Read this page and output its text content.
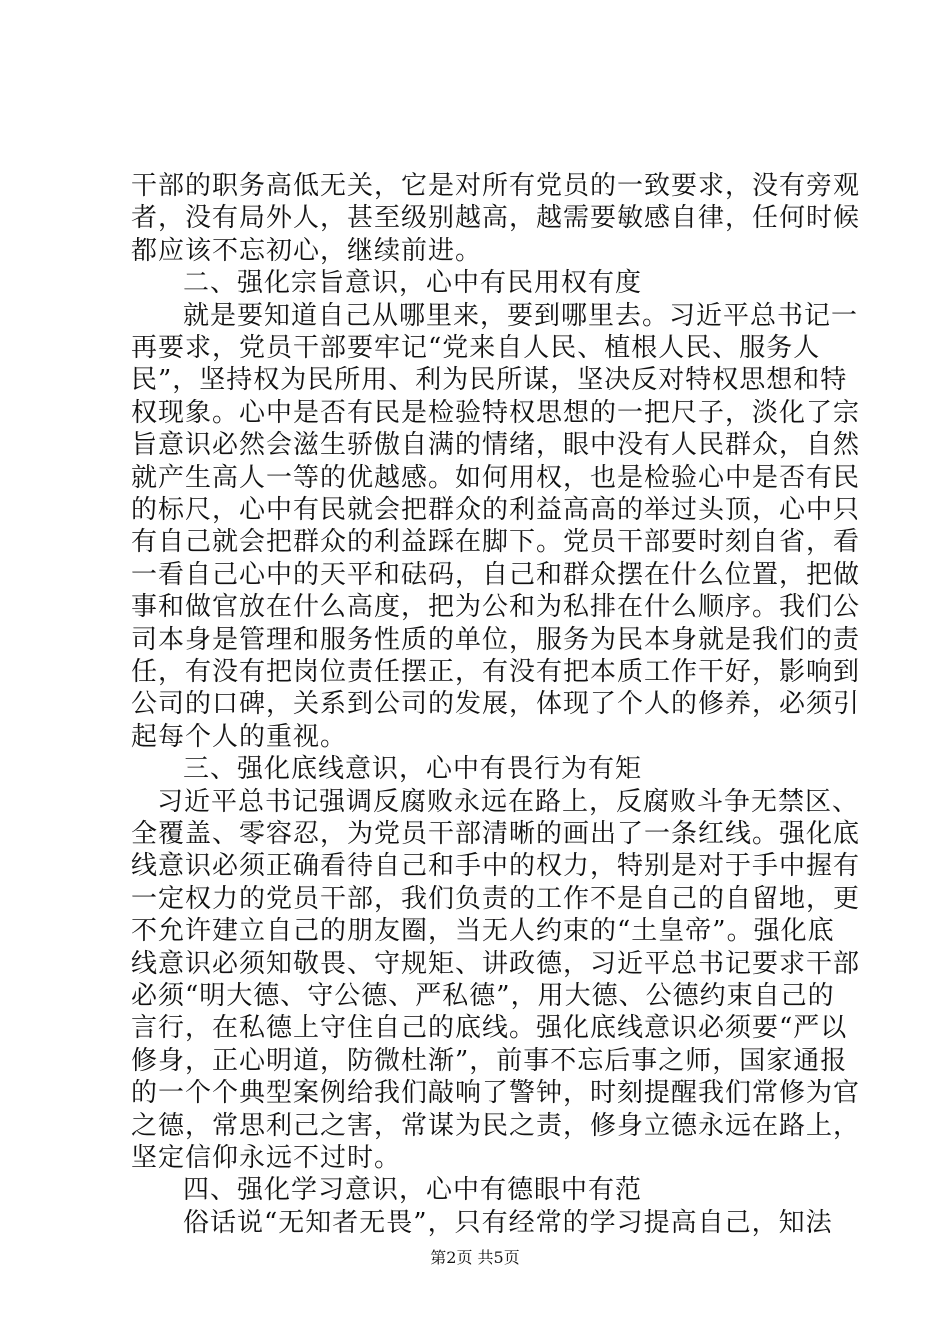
干部的职务高低无关，它是对所有党员的一致要求，没有旁观

者，没有局外人，甚至级别越高，越需要敏感自律，任何时候

都应该不忘初心，继续前进。

二、强化宗旨意识，心中有民用权有度

就是要知道自己从哪里来，要到哪里去。习近平总书记一

再要求，党员干部要牢记“党来自人民、植根人民、服务人

民”，坚持权为民所用、利为民所谋，坚决反对特权思想和特

权现象。心中是否有民是检验特权思想的一把尺子，淡化了宗

旨意识必然会滋生骄傲自满的情绪，眼中没有人民群众，自然

就产生高人一等的优越感。如何用权，也是检验心中是否有民

的标尺，心中有民就会把群众的利益高高的举过头顶，心中只

有自己就会把群众的利益踩在脚下。党员干部要时刻自省，看

一看自己心中的天平和砝码，自己和群众摆在什么位置，把做

事和做官放在什么高度，把为公和为私排在什么顺序。我们公

司本身是管理和服务性质的单位，服务为民本身就是我们的责

任，有没有把岗位责任摆正，有没有把本质工作干好，影响到

公司的口碑，关系到公司的发展，体现了个人的修养，必须引

起每个人的重视。

三、强化底线意识，心中有畏行为有矩

习近平总书记强调反腐败永远在路上，反腐败斗争无禁区、

全覆盖、零容忍，为党员干部清晰的画出了一条红线。强化底

线意识必须正确看待自己和手中的权力，特别是对于手中握有

一定权力的党员干部，我们负责的工作不是自己的自留地，更

不允许建立自己的朋友圈，当无人约束的“土皇帝”。强化底

线意识必须知敬畏、守规矩、讲政德，习近平总书记要求干部

必须“明大德、守公德、严私德”，用大德、公德约束自己的

言行，在私德上守住自己的底线。强化底线意识必须要“严以

修身，正心明道，防微杜渐”，前事不忘后事之师，国家通报

的一个个典型案例给我们敲响了警钟，时刻提醒我们常修为官

之德，常思利己之害，常谋为民之责，修身立德永远在路上，

坚定信仰永远不过时。

第2页 共5页

四、强化学习意识，心中有德眼中有范

俗话说“无知者无畏”，只有经常的学习提高自己，知法
